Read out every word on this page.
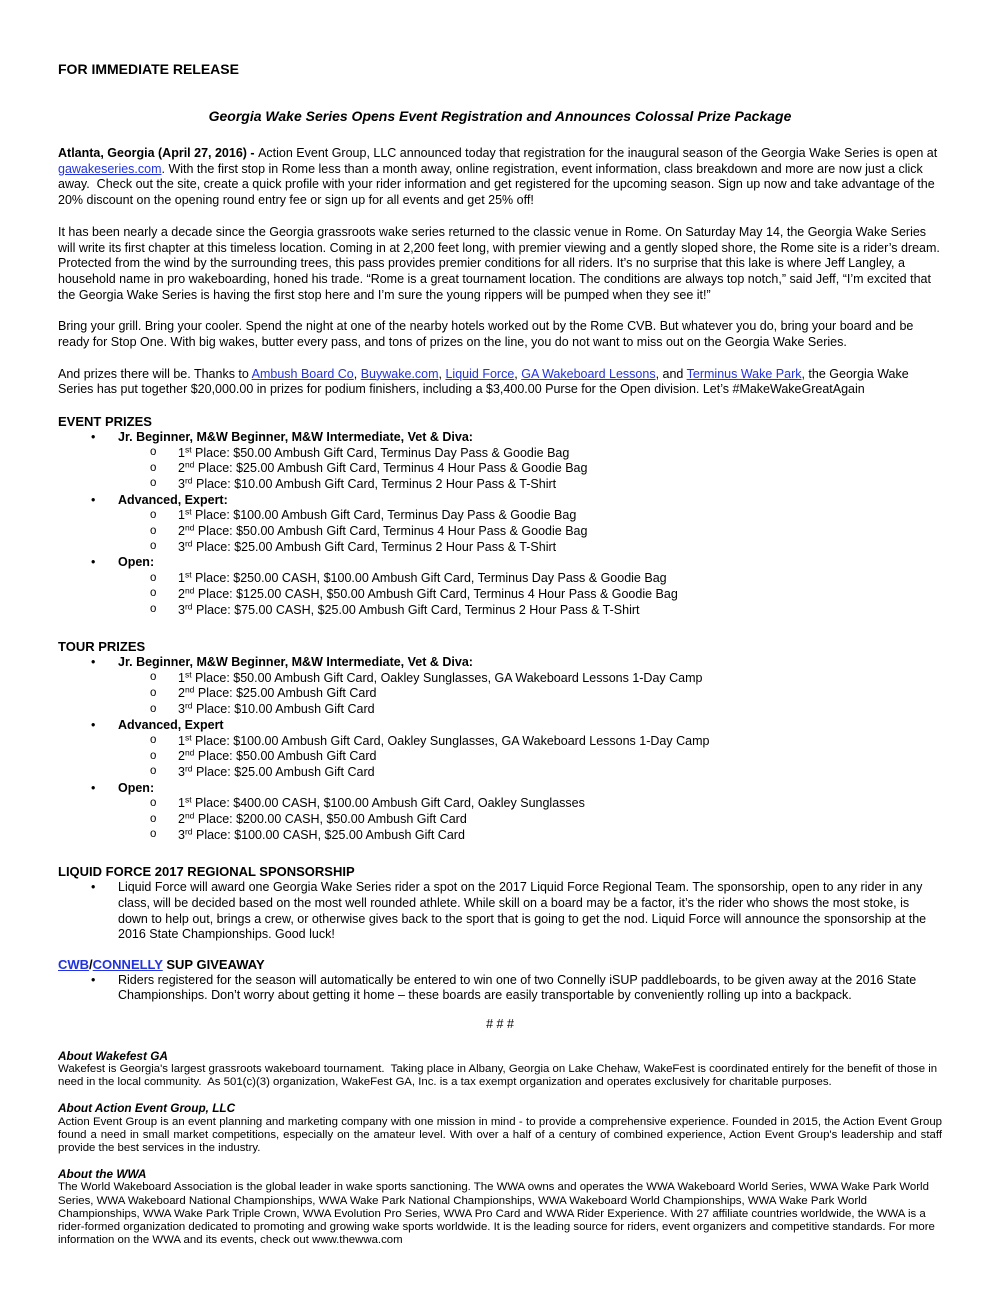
FOR IMMEDIATE RELEASE
Georgia Wake Series Opens Event Registration and Announces Colossal Prize Package

Atlanta, Georgia (April 27, 2016) - Action Event Group, LLC announced today that registration for the inaugural season of the Georgia Wake Series is open at gawakeseries.com. With the first stop in Rome less than a month away, online registration, event information, class breakdown and more are now just a click away.  Check out the site, create a quick profile with your rider information and get registered for the upcoming season. Sign up now and take advantage of the 20% discount on the opening round entry fee or sign up for all events and get 25% off!

It has been nearly a decade since the Georgia grassroots wake series returned to the classic venue in Rome. On Saturday May 14, the Georgia Wake Series will write its first chapter at this timeless location. Coming in at 2,200 feet long, with premier viewing and a gently sloped shore, the Rome site is a rider’s dream. Protected from the wind by the surrounding trees, this pass provides premier conditions for all riders. It’s no surprise that this lake is where Jeff Langley, a household name in pro wakeboarding, honed his trade. “Rome is a great tournament location. The conditions are always top notch,” said Jeff, “I’m excited that the Georgia Wake Series is having the first stop here and I’m sure the young rippers will be pumped when they see it!”

Bring your grill. Bring your cooler. Spend the night at one of the nearby hotels worked out by the Rome CVB. But whatever you do, bring your board and be ready for Stop One. With big wakes, butter every pass, and tons of prizes on the line, you do not want to miss out on the Georgia Wake Series.

And prizes there will be. Thanks to Ambush Board Co, Buywake.com, Liquid Force, GA Wakeboard Lessons, and Terminus Wake Park, the Georgia Wake Series has put together $20,000.00 in prizes for podium finishers, including a $3,400.00 Purse for the Open division. Let’s #MakeWakeGreatAgain

EVENT PRIZES
•
Jr. Beginner, M&W Beginner, M&W Intermediate, Vet & Diva:
o
1st Place: $50.00 Ambush Gift Card, Terminus Day Pass & Goodie Bag
o
2nd Place: $25.00 Ambush Gift Card, Terminus 4 Hour Pass & Goodie Bag
o
3rd Place: $10.00 Ambush Gift Card, Terminus 2 Hour Pass & T-Shirt
•
Advanced, Expert:
o
1st Place: $100.00 Ambush Gift Card, Terminus Day Pass & Goodie Bag
o
2nd Place: $50.00 Ambush Gift Card, Terminus 4 Hour Pass & Goodie Bag
o
3rd Place: $25.00 Ambush Gift Card, Terminus 2 Hour Pass & T-Shirt
•
Open:
o
1st Place: $250.00 CASH, $100.00 Ambush Gift Card, Terminus Day Pass & Goodie Bag
o
2nd Place: $125.00 CASH, $50.00 Ambush Gift Card, Terminus 4 Hour Pass & Goodie Bag
o
3rd Place: $75.00 CASH, $25.00 Ambush Gift Card, Terminus 2 Hour Pass & T-Shirt
TOUR PRIZES
•
Jr. Beginner, M&W Beginner, M&W Intermediate, Vet & Diva:
o
1st Place: $50.00 Ambush Gift Card, Oakley Sunglasses, GA Wakeboard Lessons 1-Day Camp
o
2nd Place: $25.00 Ambush Gift Card
o
3rd Place: $10.00 Ambush Gift Card
•
Advanced, Expert
o
1st Place: $100.00 Ambush Gift Card, Oakley Sunglasses, GA Wakeboard Lessons 1-Day Camp
o
2nd Place: $50.00 Ambush Gift Card
o
3rd Place: $25.00 Ambush Gift Card
•
Open:
o
1st Place: $400.00 CASH, $100.00 Ambush Gift Card, Oakley Sunglasses
o
2nd Place: $200.00 CASH, $50.00 Ambush Gift Card
o
3rd Place: $100.00 CASH, $25.00 Ambush Gift Card
LIQUID FORCE 2017 REGIONAL SPONSORSHIP
•
Liquid Force will award one Georgia Wake Series rider a spot on the 2017 Liquid Force Regional Team. The sponsorship, open to any rider in any class, will be decided based on the most well rounded athlete. While skill on a board may be a factor, it’s the rider who shows the most stoke, is down to help out, brings a crew, or otherwise gives back to the sport that is going to get the nod. Liquid Force will announce the sponsorship at the 2016 State Championships. Good luck!
CWB/CONNELLY SUP GIVEAWAY
•
Riders registered for the season will automatically be entered to win one of two Connelly iSUP paddleboards, to be given away at the 2016 State Championships. Don’t worry about getting it home – these boards are easily transportable by conveniently rolling up into a backpack.
# # #
About Wakefest GA

Wakefest is Georgia's largest grassroots wakeboard tournament.  Taking place in Albany, Georgia on Lake Chehaw, WakeFest is coordinated entirely for the benefit of those in need in the local community.  As 501(c)(3) organization, WakeFest GA, Inc. is a tax exempt organization and operates exclusively for charitable purposes.

About Action Event Group, LLC

Action Event Group is an event planning and marketing company with one mission in mind - to provide a comprehensive experience. Founded in 2015, the Action Event Group found a need in small market competitions, especially on the amateur level. With over a half of a century of combined experience, Action Event Group's leadership and staff provide the best services in the industry.

About the WWA

The World Wakeboard Association is the global leader in wake sports sanctioning. The WWA owns and operates the WWA Wakeboard World Series, WWA Wake Park World Series, WWA Wakeboard National Championships, WWA Wake Park National Championships, WWA Wakeboard World Championships, WWA Wake Park World Championships, WWA Wake Park Triple Crown, WWA Evolution Pro Series, WWA Pro Card and WWA Rider Experience. With 27 affiliate countries worldwide, the WWA is a rider-formed organization dedicated to promoting and growing wake sports worldwide. It is the leading source for riders, event organizers and competitive standards. For more information on the WWA and its events, check out www.thewwa.com
